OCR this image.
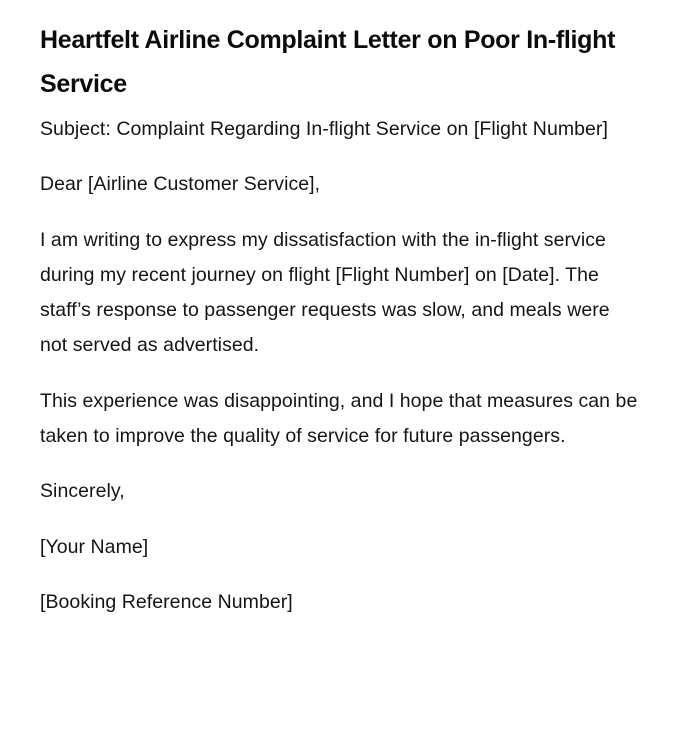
Heartfelt Airline Complaint Letter on Poor In-flight Service

Subject: Complaint Regarding In-flight Service on [Flight Number]

Dear [Airline Customer Service],

I am writing to express my dissatisfaction with the in-flight service during my recent journey on flight [Flight Number] on [Date]. The staff’s response to passenger requests was slow, and meals were not served as advertised.

This experience was disappointing, and I hope that measures can be taken to improve the quality of service for future passengers.

Sincerely,

[Your Name]

[Booking Reference Number]
